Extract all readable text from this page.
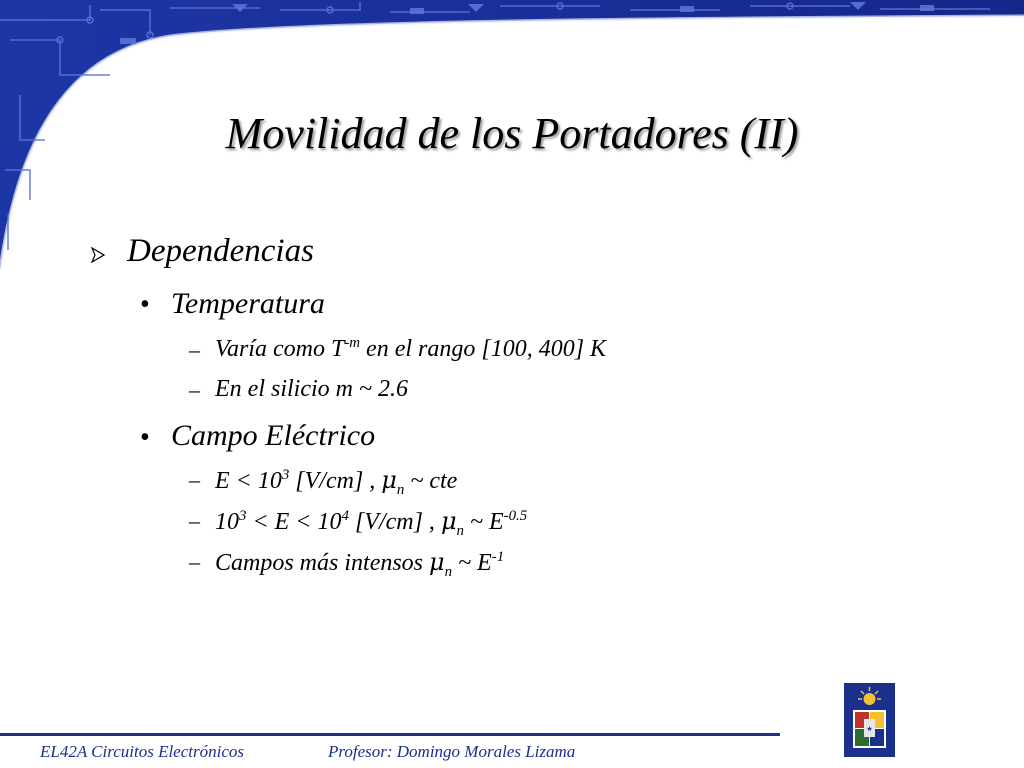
Movilidad de los Portadores (II)
Dependencias
• Temperatura
– Varía como $T^{-m}$ en el rango [100, 400] K
– En el silicio m ~ 2.6
• Campo Eléctrico
– $E < 10^3$ [V/cm] , $\mu_n$ ~ cte
– $10^3 < E < 10^4$ [V/cm] , $\mu_n$ ~ $E^{-0.5}$
– Campos más intensos $\mu_n$ ~ $E^{-1}$
EL42A Circuitos Electrónicos	Profesor: Domingo Morales Lizama
★
